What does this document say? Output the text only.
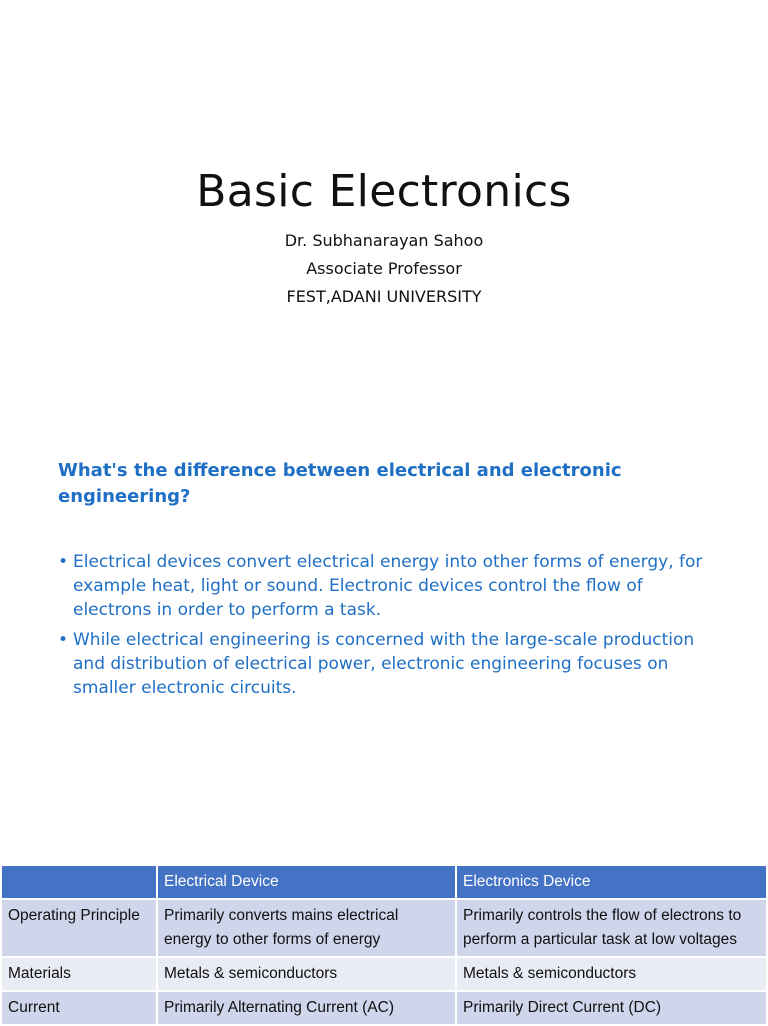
Basic Electronics
Dr. Subhanarayan Sahoo
Associate Professor
FEST,ADANI UNIVERSITY
What's the difference between electrical and electronic engineering?
• Electrical devices convert electrical energy into other forms of energy, for example heat, light or sound. Electronic devices control the flow of electrons in order to perform a task.
• While electrical engineering is concerned with the large-scale production and distribution of electrical power, electronic engineering focuses on smaller electronic circuits.
	Electrical Device	Electronics Device
Operating Principle	Primarily converts mains electrical energy to other forms of energy	Primarily controls the flow of electrons to perform a particular task at low voltages
Materials	Metals & semiconductors	Metals & semiconductors
Current	Primarily Alternating Current (AC)	Primarily Direct Current (DC)
